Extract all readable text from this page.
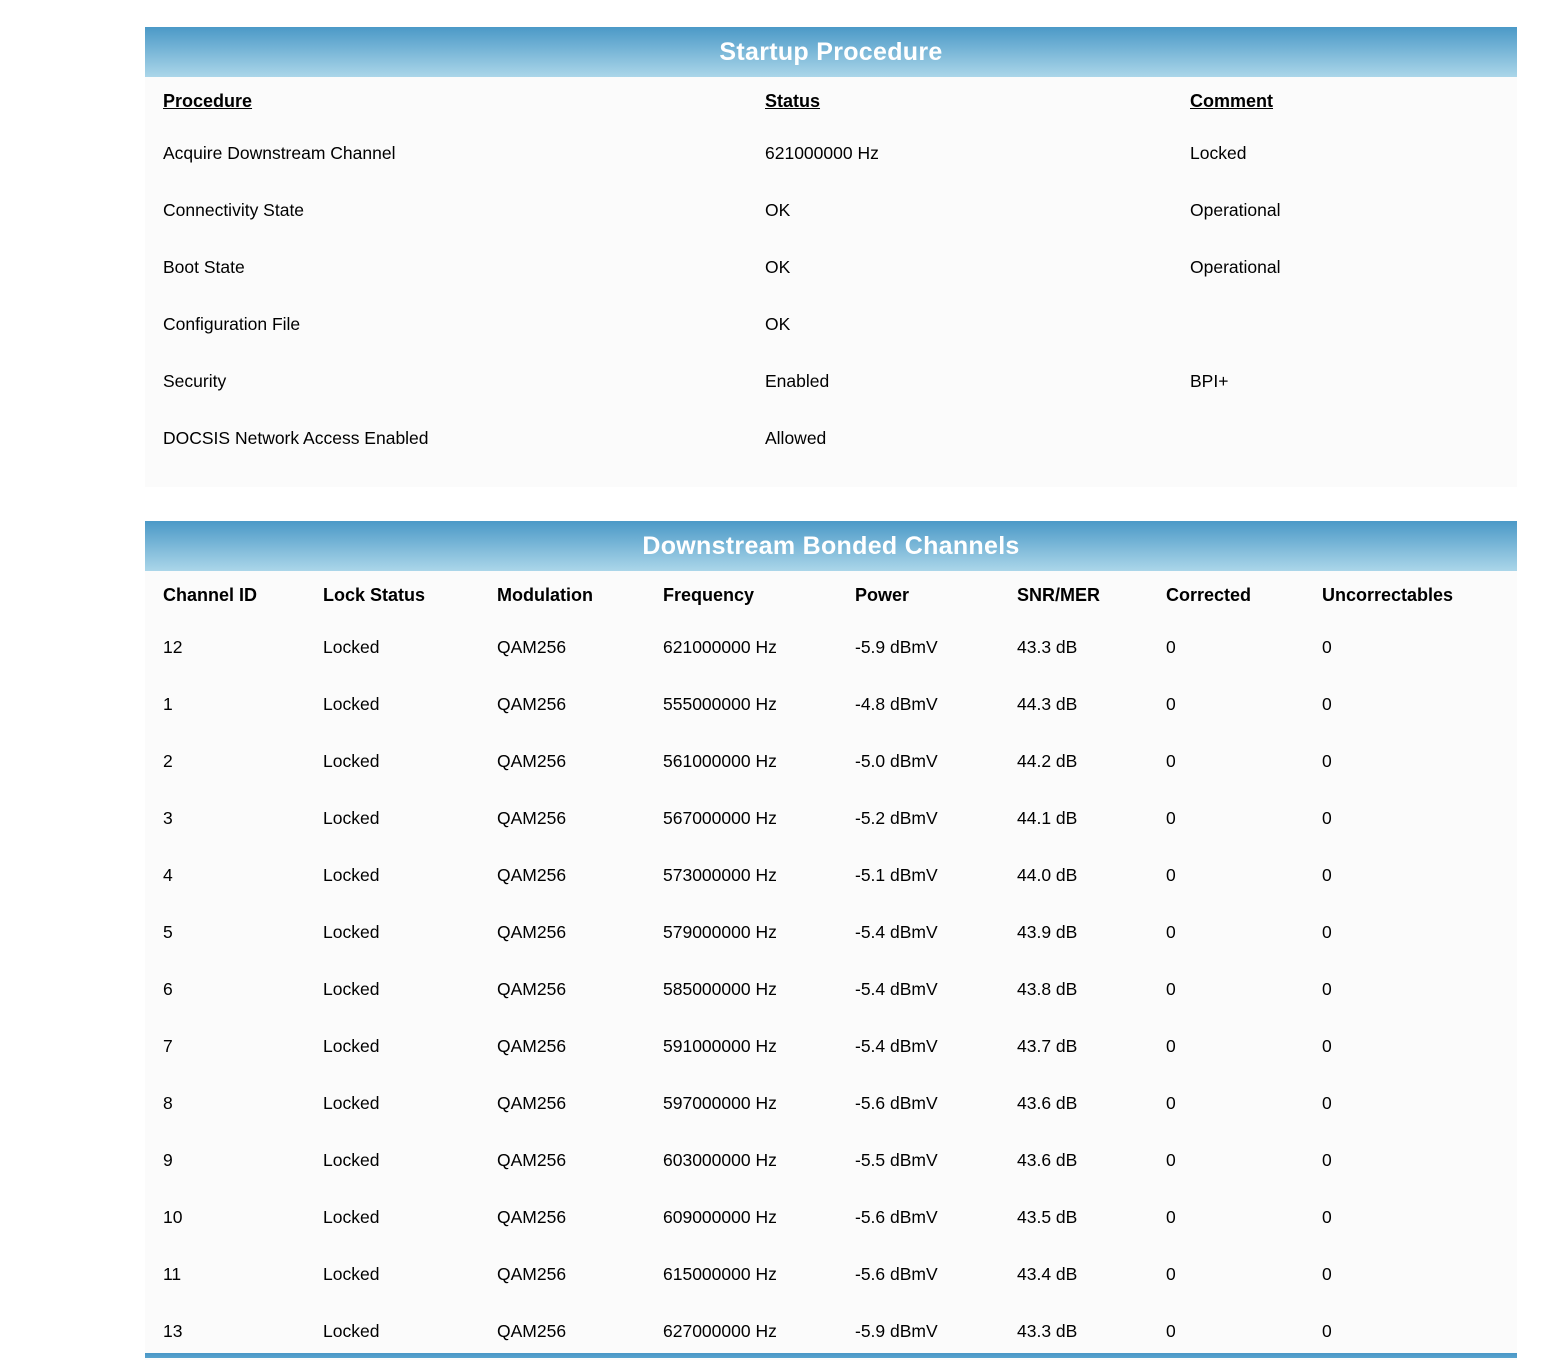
Startup Procedure
Procedure	Status	Comment
Acquire Downstream Channel	621000000 Hz	Locked
Connectivity State	OK	Operational
Boot State	OK	Operational
Configuration File	OK	
Security	Enabled	BPI+
DOCSIS Network Access Enabled	Allowed	
Downstream Bonded Channels
Channel ID	Lock Status	Modulation	Frequency	Power	SNR/MER	Corrected	Uncorrectables
12	Locked	QAM256	621000000 Hz	-5.9 dBmV	43.3 dB	0	0
1	Locked	QAM256	555000000 Hz	-4.8 dBmV	44.3 dB	0	0
2	Locked	QAM256	561000000 Hz	-5.0 dBmV	44.2 dB	0	0
3	Locked	QAM256	567000000 Hz	-5.2 dBmV	44.1 dB	0	0
4	Locked	QAM256	573000000 Hz	-5.1 dBmV	44.0 dB	0	0
5	Locked	QAM256	579000000 Hz	-5.4 dBmV	43.9 dB	0	0
6	Locked	QAM256	585000000 Hz	-5.4 dBmV	43.8 dB	0	0
7	Locked	QAM256	591000000 Hz	-5.4 dBmV	43.7 dB	0	0
8	Locked	QAM256	597000000 Hz	-5.6 dBmV	43.6 dB	0	0
9	Locked	QAM256	603000000 Hz	-5.5 dBmV	43.6 dB	0	0
10	Locked	QAM256	609000000 Hz	-5.6 dBmV	43.5 dB	0	0
11	Locked	QAM256	615000000 Hz	-5.6 dBmV	43.4 dB	0	0
13	Locked	QAM256	627000000 Hz	-5.9 dBmV	43.3 dB	0	0
